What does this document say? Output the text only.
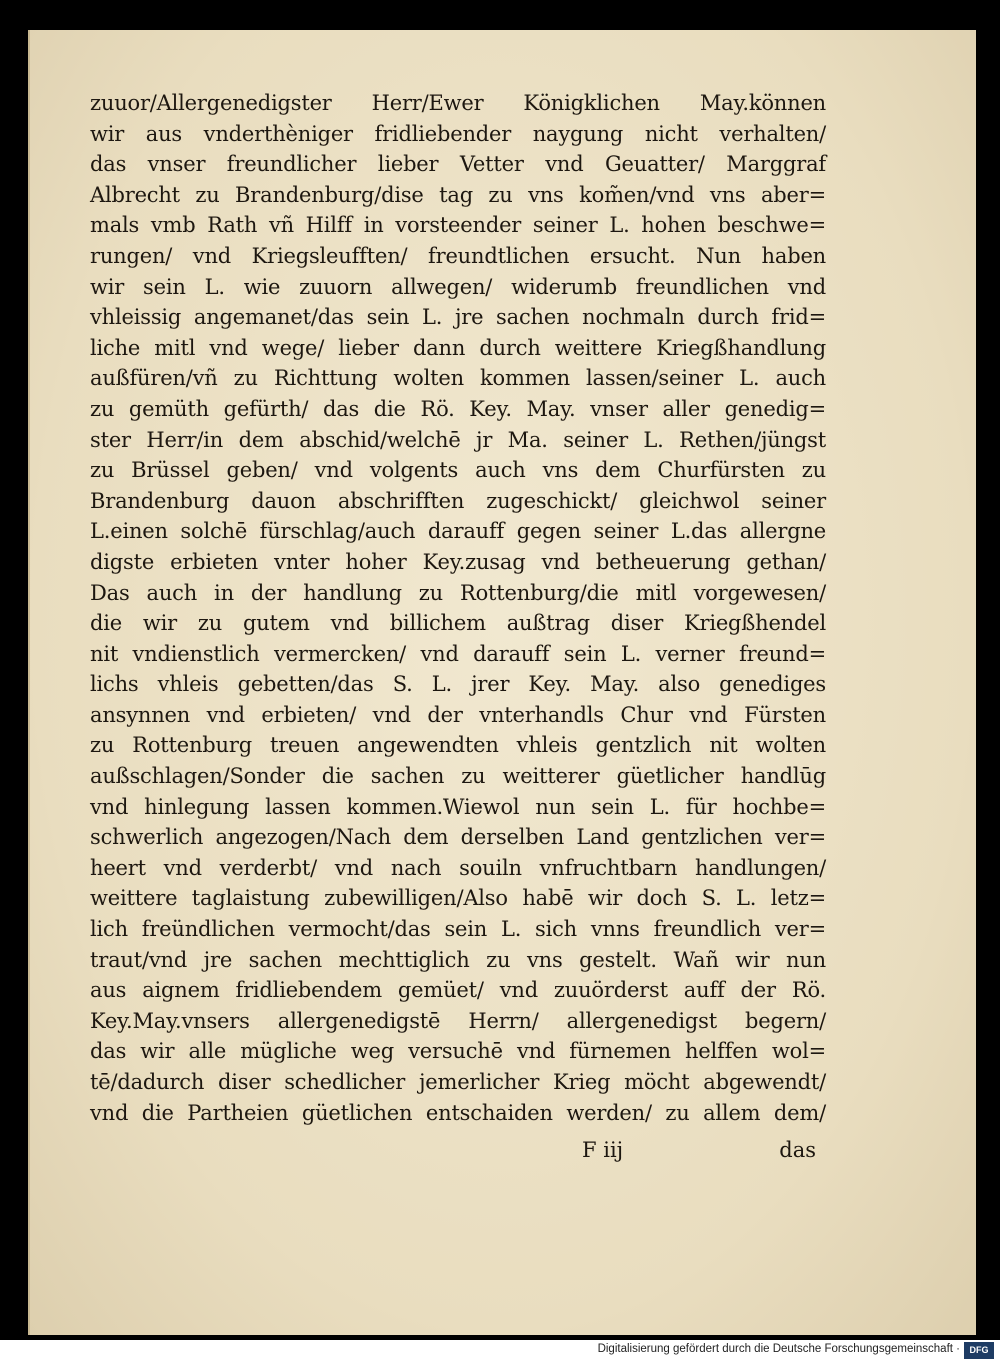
zuuor/Allergenedigster Herr/Ewer Königklichen May.können
wir aus vnderthèniger fridliebender naygung nicht verhalten/
das vnser freundlicher lieber Vetter vnd Geuatter/ Marggraf
Albrecht zu Brandenburg/dise tag zu vns kom̃en/vnd vns aber=
mals vmb Rath vñ Hilff in vorsteender seiner L. hohen beschwe=
rungen/ vnd Kriegsleufften/ freundtlichen ersucht. Nun haben
wir sein L. wie zuuorn allwegen/ widerumb freundlichen vnd
vhleissig angemanet/das sein L. jre sachen nochmaln durch frid=
liche mitl vnd wege/ lieber dann durch weittere Kriegßhandlung
außfüren/vñ zu Richttung wolten kommen lassen/seiner L. auch
zu gemüth gefürth/ das die Rö. Key. May. vnser aller genedig=
ster Herr/in dem abschid/welchē jr Ma. seiner L. Rethen/jüngst
zu Brüssel geben/ vnd volgents auch vns dem Churfürsten zu
Brandenburg dauon abschrifften zugeschickt/ gleichwol seiner
L.einen solchē fürschlag/auch darauff gegen seiner L.das allergne
digste erbieten vnter hoher Key.zusag vnd betheuerung gethan/
Das auch in der handlung zu Rottenburg/die mitl vorgewesen/
die wir zu gutem vnd billichem außtrag diser Kriegßhendel
nit vndienstlich vermercken/ vnd darauff sein L. verner freund=
lichs vhleis gebetten/das S. L. jrer Key. May. also genediges
ansynnen vnd erbieten/ vnd der vnterhandls Chur vnd Fürsten
zu Rottenburg treuen angewendten vhleis gentzlich nit wolten
außschlagen/Sonder die sachen zu weitterer güetlicher handlūg
vnd hinlegung lassen kommen.Wiewol nun sein L. für hochbe=
schwerlich angezogen/Nach dem derselben Land gentzlichen ver=
heert vnd verderbt/ vnd nach souiln vnfruchtbarn handlungen/
weittere taglaistung zubewilligen/Also habē wir doch S. L. letz=
lich freündlichen vermocht/das sein L. sich vnns freundlich ver=
traut/vnd jre sachen mechttiglich zu vns gestelt. Wañ wir nun
aus aignem fridliebendem gemüet/ vnd zuuörderst auff der Rö.
Key.May.vnsers allergenedigstē Herrn/ allergenedigst begern/
das wir alle mügliche weg versuchē vnd fürnemen helffen wol=
tē/dadurch diser schedlicher jemerlicher Krieg möcht abgewendt/
vnd die Partheien güetlichen entschaiden werden/ zu allem dem/
F iij	das
Digitalisierung gefördert durch die Deutsche Forschungsgemeinschaft ·	DFG
